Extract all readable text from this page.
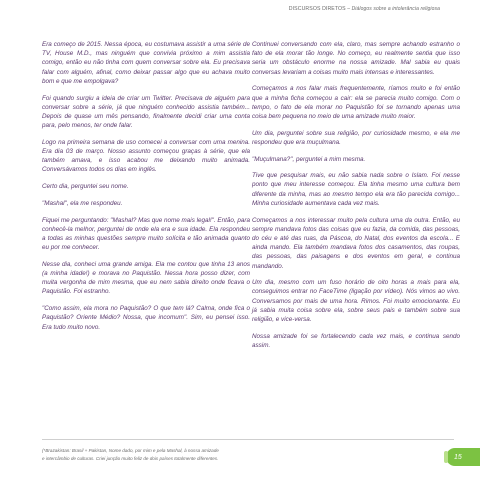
DISCURSOS DIRETOS – Diálogos sobre a intolerância religiosa

Era começo de 2015. Nessa época, eu costumava assistir a uma série de TV, House M.D., mas ninguém que convivia próximo a mim assistia comigo, então eu não tinha com quem conversar sobre ela. Eu precisava falar com alguém, afinal, como deixar passar algo que eu achava muito bom e que me empolgava?

Foi quando surgiu a ideia de criar um Twitter. Precisava de alguém para conversar sobre a série, já que ninguém conhecido assistia também... Depois de quase um mês pensando, finalmente decidi criar uma conta para, pelo menos, ter onde falar.

Logo na primeira semana de uso comecei a conversar com uma menina. Era dia 03 de março. Nosso assunto começou graças à série, que ela também amava, e isso acabou me deixando muito animada. Conversávamos todos os dias em inglês.

Certo dia, perguntei seu nome.

"Mashal", ela me respondeu.

Fiquei me perguntando: "Mashal? Mas que nome mais legal!". Então, para conhecê-la melhor, perguntei de onde ela era e sua idade. Ela respondeu a todas as minhas questões sempre muito solícita e tão animada quanto eu por me conhecer.

Nesse dia, conheci uma grande amiga. Ela me contou que tinha 13 anos (a minha idade!) e morava no Paquistão. Nessa hora posso dizer, com muita vergonha de mim mesma, que eu nem sabia direito onde ficava o Paquistão. Foi estranho.

"Como assim, ela mora no Paquistão? O que tem lá? Calma, onde fica o Paquistão? Oriente Médio? Nossa, que incomum". Sim, eu pensei isso. Era tudo muito novo.

Continuei conversando com ela, claro, mas sempre achando estranho o fato de ela morar tão longe. No começo, eu realmente sentia que isso seria um obstáculo enorme na nossa amizade. Mal sabia eu quais conversas levariam a coisas muito mais intensas e interessantes.

Começamos a nos falar mais frequentemente, ríamos muito e foi então que a minha ficha começou a cair: ela se parecia muito comigo. Com o tempo, o fato de ela morar no Paquistão foi se tornando apenas uma coisa bem pequena no meio de uma amizade muito maior.

Um dia, perguntei sobre sua religião, por curiosidade mesmo, e ela me respondeu que era muçulmana.

"Muçulmana?", perguntei a mim mesma.

Tive que pesquisar mais, eu não sabia nada sobre o Islam. Foi nesse ponto que meu interesse começou. Ela tinha mesmo uma cultura bem diferente da minha, mas ao mesmo tempo ela era tão parecida comigo... Minha curiosidade aumentava cada vez mais.

Começamos a nos interessar muito pela cultura uma da outra. Então, eu sempre mandava fotos das coisas que eu fazia, da comida, das pessoas, do céu e até das ruas, da Páscoa, do Natal, dos eventos da escola... E ainda mando. Ela também mandava fotos dos casamentos, das roupas, das pessoas, das paisagens e dos eventos em geral, e continua mandando.

Um dia, mesmo com um fuso horário de oito horas a mais para ela, conseguimos entrar no FaceTime (ligação por vídeo). Nós vimos ao vivo. Conversamos por mais de uma hora. Rimos. Foi muito emocionante. Eu já sabia muita coisa sobre ela, sobre seus pais e também sobre sua religião, e vice-versa.

Nossa amizade foi se fortalecendo cada vez mais, e continua sendo assim.

(*Brazakistan: Brasil + Pakistan, Nome dado, por mim e pela Mashal, à nossa amizade
e intercâmbio de culturas. Criei junção muito feliz de dois países totalmente diferentes.	15
